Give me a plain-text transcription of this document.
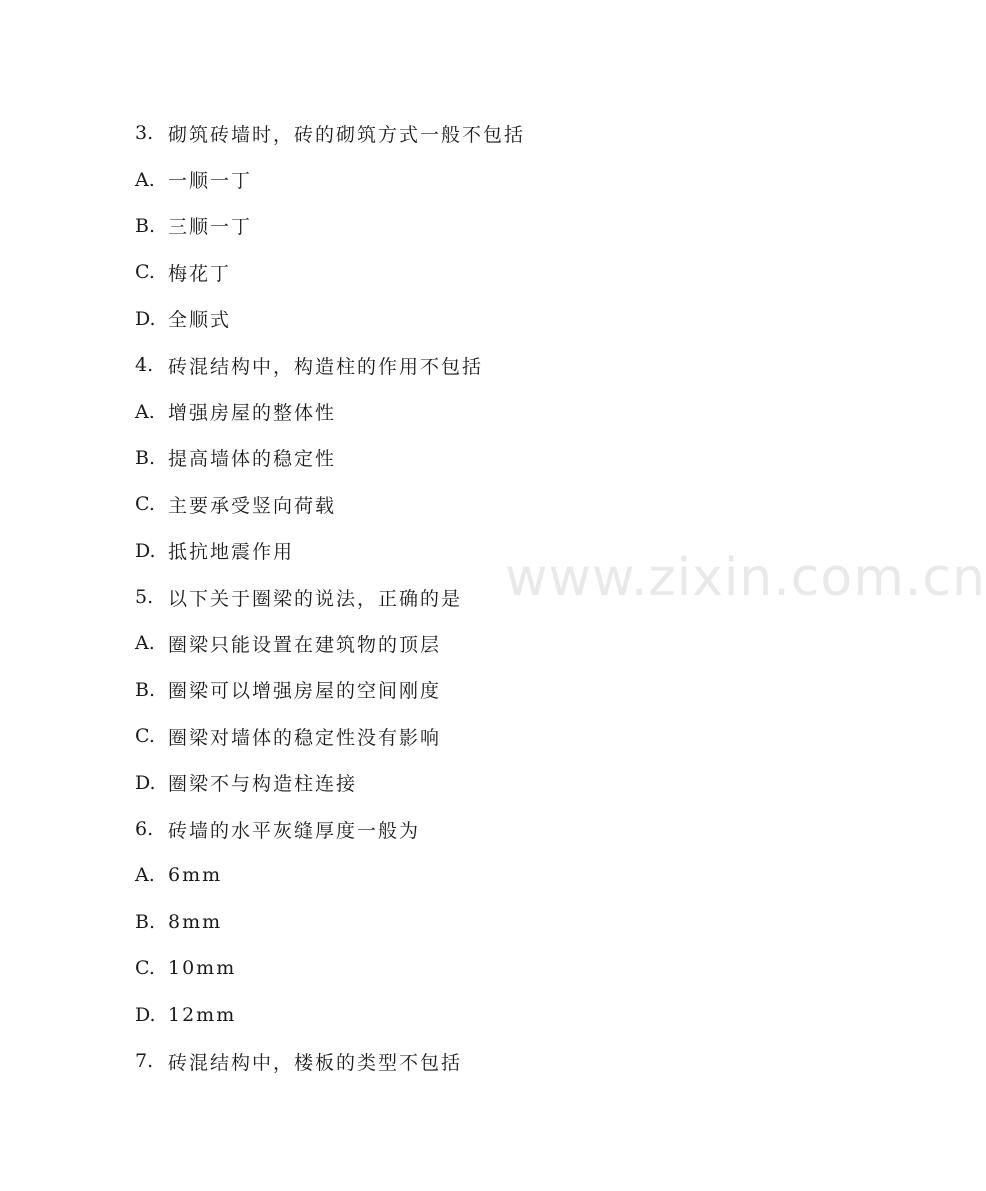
www.zixin.com.cn
3. 砌筑砖墙时，砖的砌筑方式一般不包括
A. 一顺一丁
B. 三顺一丁
C. 梅花丁
D. 全顺式
4. 砖混结构中，构造柱的作用不包括
A. 增强房屋的整体性
B. 提高墙体的稳定性
C. 主要承受竖向荷载
D. 抵抗地震作用
5. 以下关于圈梁的说法，正确的是
A. 圈梁只能设置在建筑物的顶层
B. 圈梁可以增强房屋的空间刚度
C. 圈梁对墙体的稳定性没有影响
D. 圈梁不与构造柱连接
6. 砖墙的水平灰缝厚度一般为
A. 6mm
B. 8mm
C. 10mm
D. 12mm
7. 砖混结构中，楼板的类型不包括
